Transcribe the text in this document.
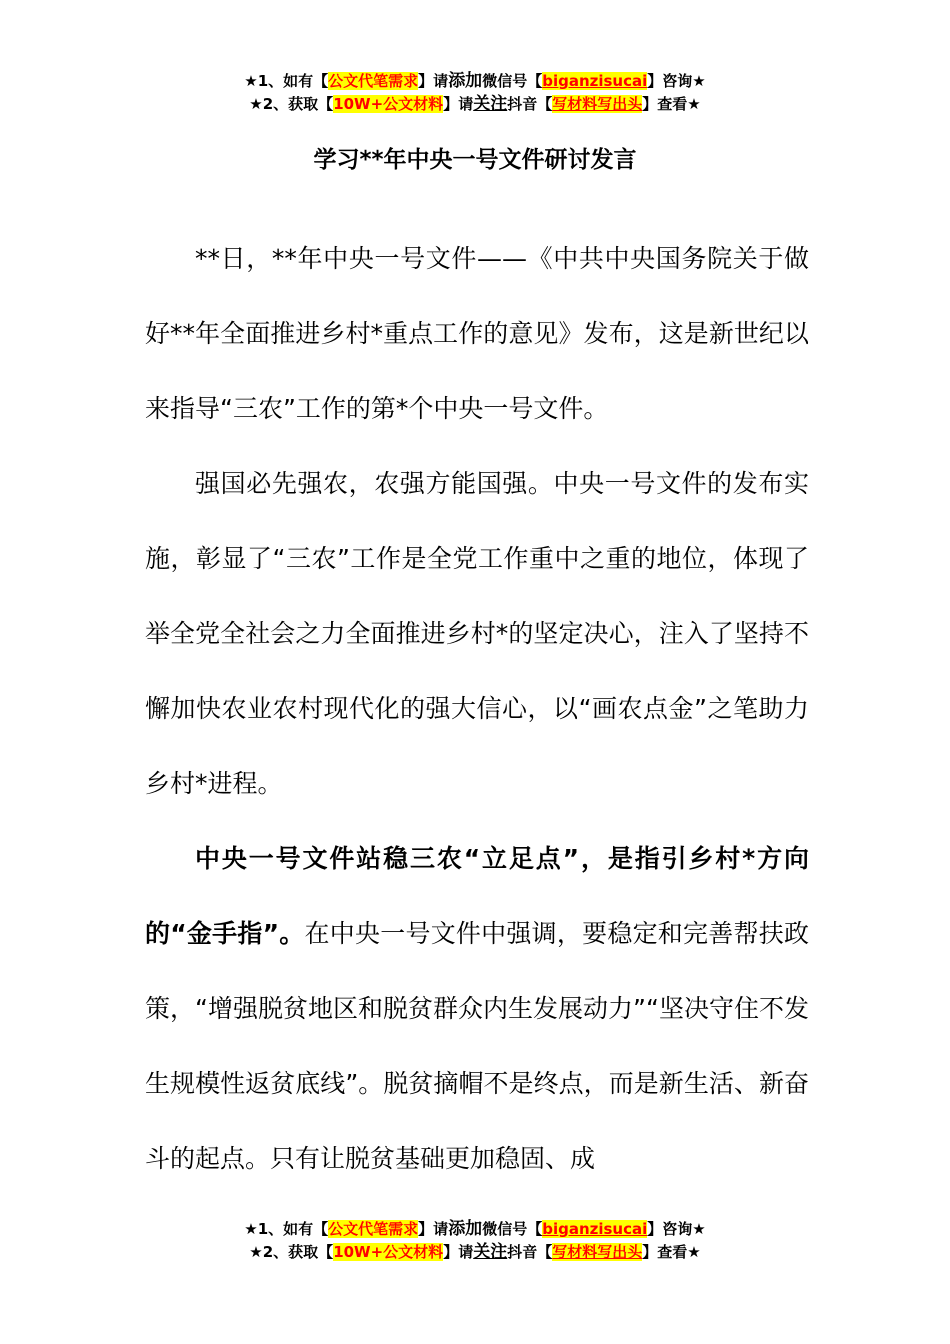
★1、如有【公文代笔需求】请添加微信号【biganzisucai】咨询★
★2、获取【10W+公文材料】请关注抖音【写材料写出头】查看★
学习**年中央一号文件研讨发言

**日，**年中央一号文件——《中共中央国务院关于做好**年全面推进乡村*重点工作的意见》发布，这是新世纪以来指导“三农”工作的第*个中央一号文件。

强国必先强农，农强方能国强。中央一号文件的发布实施，彰显了“三农”工作是全党工作重中之重的地位，体现了举全党全社会之力全面推进乡村*的坚定决心，注入了坚持不懈加快农业农村现代化的强大信心，以“画农点金”之笔助力乡村*进程。

中央一号文件站稳三农“立足点”，是指引乡村*方向的“金手指”。在中央一号文件中强调，要稳定和完善帮扶政策，“增强脱贫地区和脱贫群众内生发展动力”“坚决守住不发生规模性返贫底线”。脱贫摘帽不是终点，而是新生活、新奋斗的起点。只有让脱贫基础更加稳固、成

★1、如有【公文代笔需求】请添加微信号【biganzisucai】咨询★
★2、获取【10W+公文材料】请关注抖音【写材料写出头】查看★
